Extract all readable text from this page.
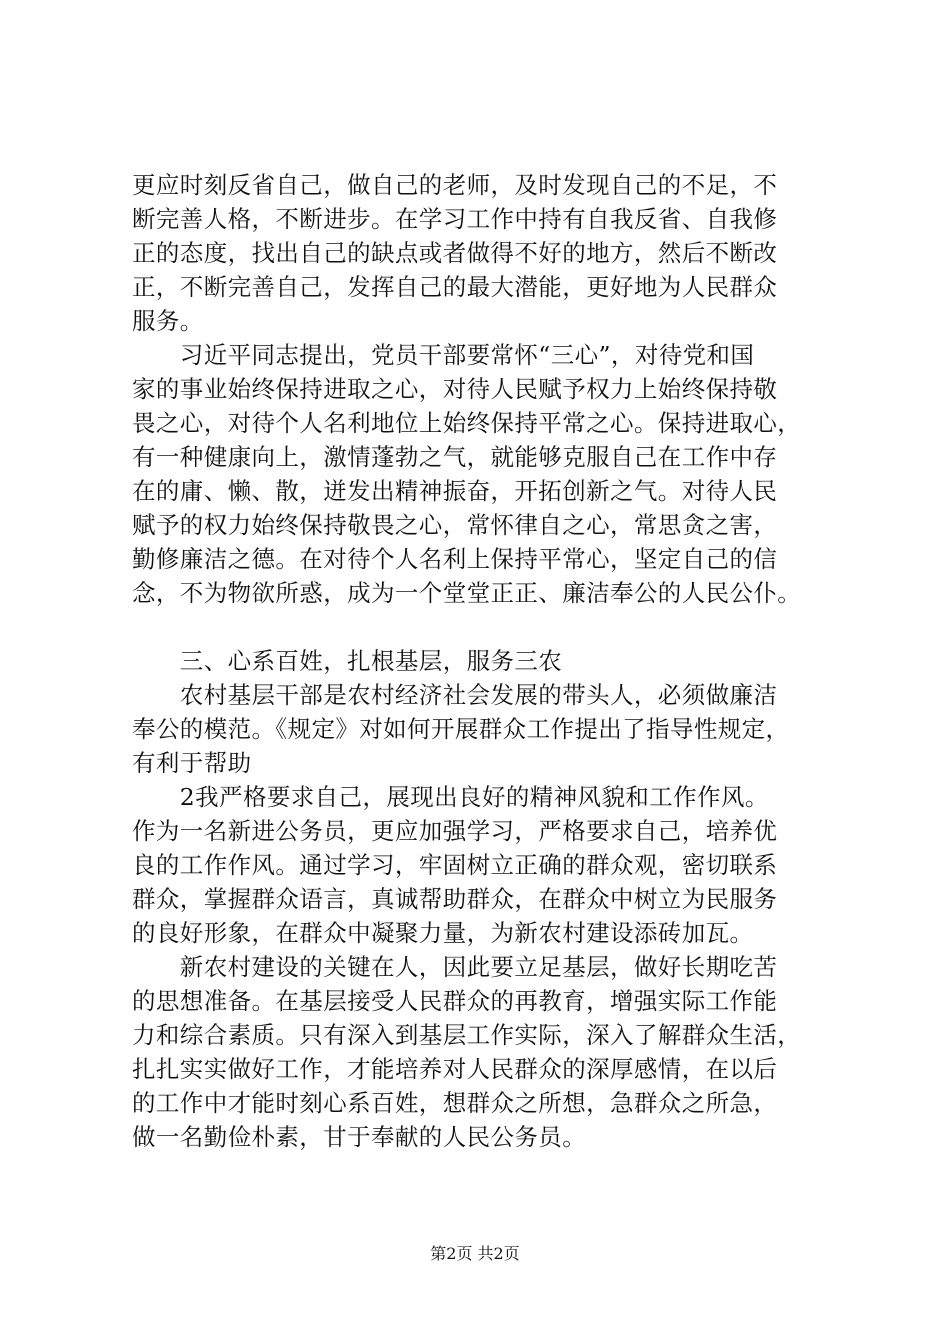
更应时刻反省自己，做自己的老师，及时发现自己的不足，不
断完善人格，不断进步。在学习工作中持有自我反省、自我修
正的态度，找出自己的缺点或者做得不好的地方，然后不断改
正，不断完善自己，发挥自己的最大潜能，更好地为人民群众
服务。
　　习近平同志提出，党员干部要常怀“三心”，对待党和国
家的事业始终保持进取之心，对待人民赋予权力上始终保持敬
畏之心，对待个人名利地位上始终保持平常之心。保持进取心，
有一种健康向上，激情蓬勃之气，就能够克服自己在工作中存
在的庸、懒、散，迸发出精神振奋，开拓创新之气。对待人民
赋予的权力始终保持敬畏之心，常怀律自之心，常思贪之害，
勤修廉洁之德。在对待个人名利上保持平常心，坚定自己的信
念，不为物欲所惑，成为一个堂堂正正、廉洁奉公的人民公仆。
　　三、心系百姓，扎根基层，服务三农
　　农村基层干部是农村经济社会发展的带头人，必须做廉洁
奉公的模范。《规定》对如何开展群众工作提出了指导性规定，
有利于帮助
　　2我严格要求自己，展现出良好的精神风貌和工作作风。
作为一名新进公务员，更应加强学习，严格要求自己，培养优
良的工作作风。通过学习，牢固树立正确的群众观，密切联系
群众，掌握群众语言，真诚帮助群众，在群众中树立为民服务
的良好形象，在群众中凝聚力量，为新农村建设添砖加瓦。
　　新农村建设的关键在人，因此要立足基层，做好长期吃苦
的思想准备。在基层接受人民群众的再教育，增强实际工作能
力和综合素质。只有深入到基层工作实际，深入了解群众生活，
扎扎实实做好工作，才能培养对人民群众的深厚感情，在以后
的工作中才能时刻心系百姓，想群众之所想，急群众之所急，
做一名勤俭朴素，甘于奉献的人民公务员。
第2页 共2页
